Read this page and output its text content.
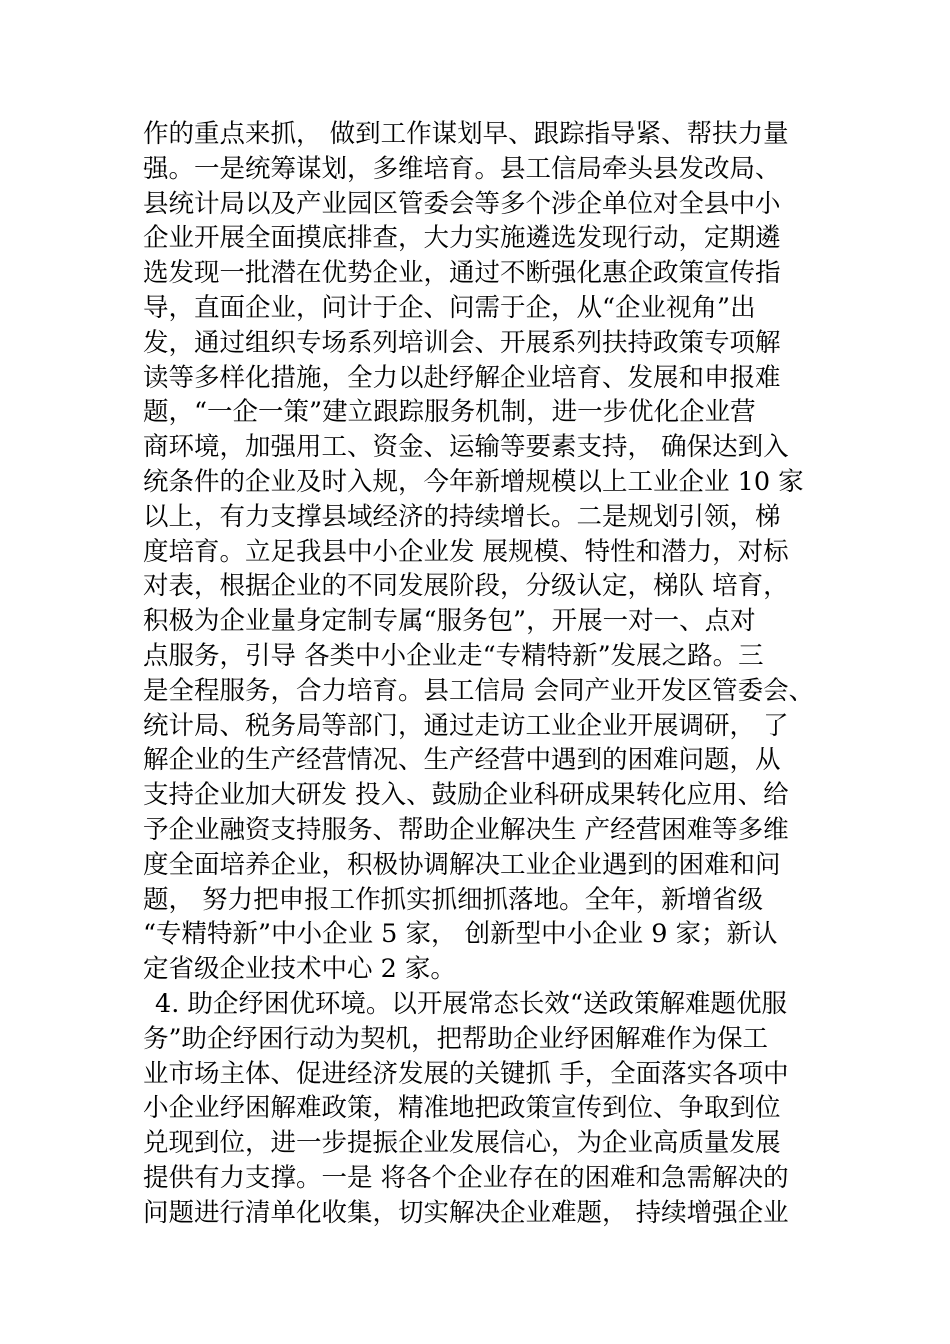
作的重点来抓， 做到工作谋划早、跟踪指导紧、帮扶力量
强。一是统筹谋划，多维培育。县工信局牵头县发改局、
县统计局以及产业园区管委会等多个涉企单位对全县中小
企业开展全面摸底排查，大力实施遴选发现行动，定期遴
选发现一批潜在优势企业，通过不断强化惠企政策宣传指
导，直面企业，问计于企、问需于企，从“企业视角”出
发，通过组织专场系列培训会、开展系列扶持政策专项解
读等多样化措施，全力以赴纾解企业培育、发展和申报难
题，“一企一策”建立跟踪服务机制，进一步优化企业营
商环境，加强用工、资金、运输等要素支持， 确保达到入
统条件的企业及时入规，今年新增规模以上工业企业 10 家
以上，有力支撑县域经济的持续增长。二是规划引领，梯
度培育。立足我县中小企业发 展规模、特性和潜力，对标
对表，根据企业的不同发展阶段，分级认定，梯队 培育，
积极为企业量身定制专属“服务包”，开展一对一、点对
点服务，引导 各类中小企业走“专精特新”发展之路。三
是全程服务，合力培育。县工信局 会同产业开发区管委会、
统计局、税务局等部门，通过走访工业企业开展调研， 了
解企业的生产经营情况、生产经营中遇到的困难问题，从
支持企业加大研发 投入、鼓励企业科研成果转化应用、给
予企业融资支持服务、帮助企业解决生 产经营困难等多维
度全面培养企业，积极协调解决工业企业遇到的困难和问
题， 努力把申报工作抓实抓细抓落地。全年，新增省级
“专精特新”中小企业 5 家， 创新型中小企业 9 家；新认
定省级企业技术中心 2 家。
4. 助企纾困优环境。以开展常态长效“送政策解难题优服
务”助企纾困行动为契机，把帮助企业纾困解难作为保工
业市场主体、促进经济发展的关键抓 手，全面落实各项中
小企业纾困解难政策，精准地把政策宣传到位、争取到位
兑现到位，进一步提振企业发展信心，为企业高质量发展
提供有力支撑。一是 将各个企业存在的困难和急需解决的
问题进行清单化收集，切实解决企业难题， 持续增强企业
